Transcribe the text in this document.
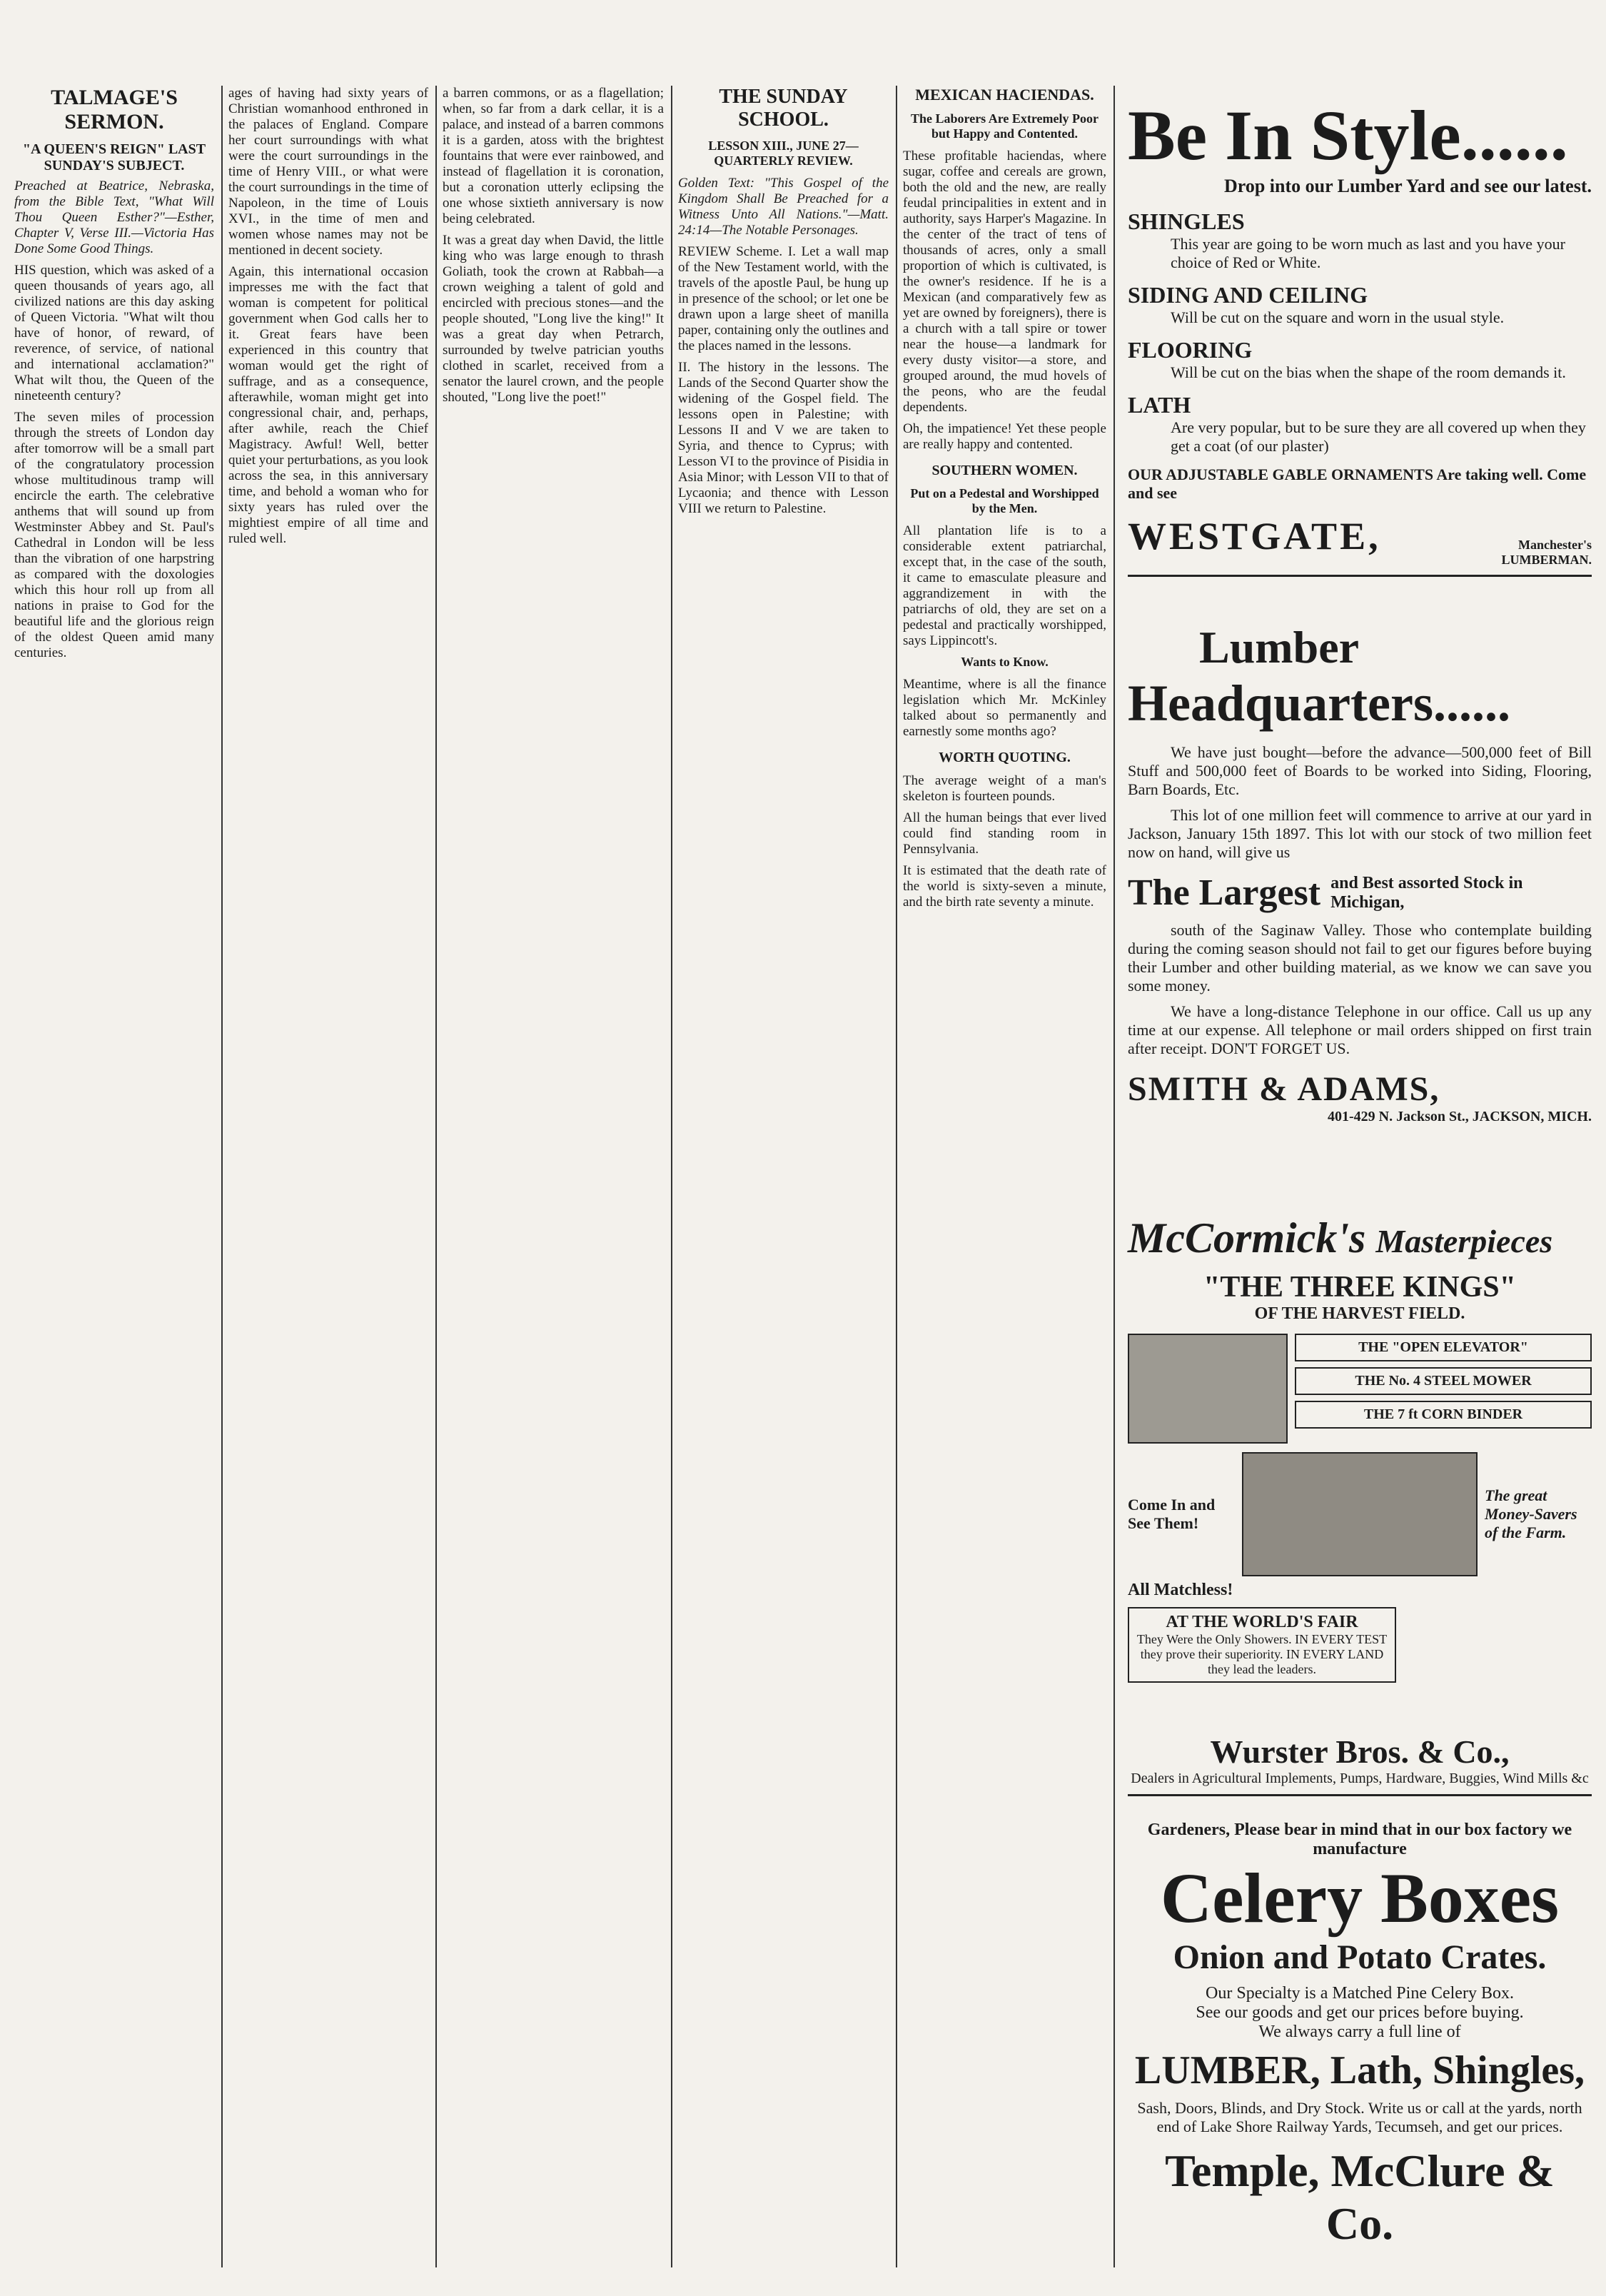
TALMAGE'S SERMON.
"A QUEEN'S REIGN" LAST SUNDAY'S SUBJECT.

Preached at Beatrice, Nebraska, from the Bible Text, "What Will Thou Queen Esther?"—Esther, Chapter V, Verse III.—Victoria Has Done Some Good Things.

HIS question, which was asked of a queen thousands of years ago, all civilized nations are this day asking of Queen Victoria. "What wilt thou have of honor, of reward, of reverence, of service, of national and international acclamation?" What wilt thou, the Queen of the nineteenth century?

The seven miles of procession through the streets of London day after tomorrow will be a small part of the congratulatory procession whose multitudinous tramp will encircle the earth. The celebrative anthems that will sound up from Westminster Abbey and St. Paul's Cathedral in London will be less than the vibration of one harpstring as compared with the doxologies which this hour roll up from all nations in praise to God for the beautiful life and the glorious reign of the oldest Queen amid many centuries.

ages of having had sixty years of Christian womanhood enthroned in the palaces of England. Compare her court surroundings with what were the court surroundings in the time of Henry VIII., or what were the court surroundings in the time of Napoleon, in the time of Louis XVI., in the time of men and women whose names may not be mentioned in decent society.

Again, this international occasion impresses me with the fact that woman is competent for political government when God calls her to it. Great fears have been experienced in this country that woman would get the right of suffrage, and as a consequence, afterawhile, woman might get into congressional chair, and, perhaps, after awhile, reach the Chief Magistracy. Awful! Well, better quiet your perturbations, as you look across the sea, in this anniversary time, and behold a woman who for sixty years has ruled over the mightiest empire of all time and ruled well.

a barren commons, or as a flagellation; when, so far from a dark cellar, it is a palace, and instead of a barren commons it is a garden, atoss with the brightest fountains that were ever rainbowed, and instead of flagellation it is coronation, but a coronation utterly eclipsing the one whose sixtieth anniversary is now being celebrated.

It was a great day when David, the little king who was large enough to thrash Goliath, took the crown at Rabbah—a crown weighing a talent of gold and encircled with precious stones—and the people shouted, "Long live the king!" It was a great day when Petrarch, surrounded by twelve patrician youths clothed in scarlet, received from a senator the laurel crown, and the people shouted, "Long live the poet!"

THE SUNDAY SCHOOL.
LESSON XIII., JUNE 27—QUARTERLY REVIEW.

Golden Text: "This Gospel of the Kingdom Shall Be Preached for a Witness Unto All Nations."—Matt. 24:14—The Notable Personages.

REVIEW Scheme. I. Let a wall map of the New Testament world, with the travels of the apostle Paul, be hung up in presence of the school; or let one be drawn upon a large sheet of manilla paper, containing only the outlines and the places named in the lessons.

II. The history in the lessons. The Lands of the Second Quarter show the widening of the Gospel field. The lessons open in Palestine; with Lessons II and V we are taken to Syria, and thence to Cyprus; with Lesson VI to the province of Pisidia in Asia Minor; with Lesson VII to that of Lycaonia; and thence with Lesson VIII we return to Palestine.

MEXICAN HACIENDAS.
The Laborers Are Extremely Poor but Happy and Contented.

These profitable haciendas, where sugar, coffee and cereals are grown, both the old and the new, are really feudal principalities in extent and in authority, says Harper's Magazine. In the center of the tract of tens of thousands of acres, only a small proportion of which is cultivated, is the owner's residence. If he is a Mexican (and comparatively few as yet are owned by foreigners), there is a church with a tall spire or tower near the house—a landmark for every dusty visitor—a store, and grouped around, the mud hovels of the peons, who are the feudal dependents.

Oh, the impatience! Yet these people are really happy and contented.

SOUTHERN WOMEN.
Put on a Pedestal and Worshipped by the Men.

All plantation life is to a considerable extent patriarchal, except that, in the case of the south, it came to emasculate pleasure and aggrandizement in with the patriarchs of old, they are set on a pedestal and practically worshipped, says Lippincott's.

Wants to Know.

Meantime, where is all the finance legislation which Mr. McKinley talked about so permanently and earnestly some months ago?

WORTH QUOTING.

The average weight of a man's skeleton is fourteen pounds.

All the human beings that ever lived could find standing room in Pennsylvania.

It is estimated that the death rate of the world is sixty-seven a minute, and the birth rate seventy a minute.

Be In Style......
Drop into our Lumber Yard and see our latest.
SHINGLES
This year are going to be worn much as last and you have your choice of Red or White.
SIDING AND CEILING
Will be cut on the square and worn in the usual style.
FLOORING
Will be cut on the bias when the shape of the room demands it.
LATH
Are very popular, but to be sure they are all covered up when they get a coat (of our plaster)
OUR ADJUSTABLE GABLE ORNAMENTS Are taking well. Come and see
WESTGATE,	Manchester's LUMBERMAN.
Lumber
Headquarters......
We have just bought—before the advance—500,000 feet of Bill Stuff and 500,000 feet of Boards to be worked into Siding, Flooring, Barn Boards, Etc.
This lot of one million feet will commence to arrive at our yard in Jackson, January 15th 1897. This lot with our stock of two million feet now on hand, will give us
The Largest and Best assorted Stock in Michigan,
south of the Saginaw Valley. Those who contemplate building during the coming season should not fail to get our figures before buying their Lumber and other building material, as we know we can save you some money.
We have a long-distance Telephone in our office. Call us up any time at our expense. All telephone or mail orders shipped on first train after receipt. DON'T FORGET US.
SMITH & ADAMS,
401-429 N. Jackson St., JACKSON, MICH.
McCormick's Masterpieces
"THE THREE KINGS"
OF THE HARVEST FIELD.
THE "OPEN ELEVATOR"
THE No. 4 STEEL MOWER
THE 7 ft CORN BINDER
Come In and See Them!
The great Money-Savers of the Farm.
All Matchless!
AT THE WORLD'S FAIR
They Were the Only Showers. IN EVERY TEST they prove their superiority. IN EVERY LAND they lead the leaders.
Wurster Bros. & Co.,
Dealers in Agricultural Implements, Pumps, Hardware, Buggies, Wind Mills &c
Gardeners, Please bear in mind that in our box factory we manufacture
Celery Boxes
Onion and Potato Crates.
Our Specialty is a Matched Pine Celery Box.
See our goods and get our prices before buying.
We always carry a full line of
LUMBER, Lath, Shingles,
Sash, Doors, Blinds, and Dry Stock. Write us or call at the yards, north end of Lake Shore Railway Yards, Tecumseh, and get our prices.
Temple, McClure & Co.
